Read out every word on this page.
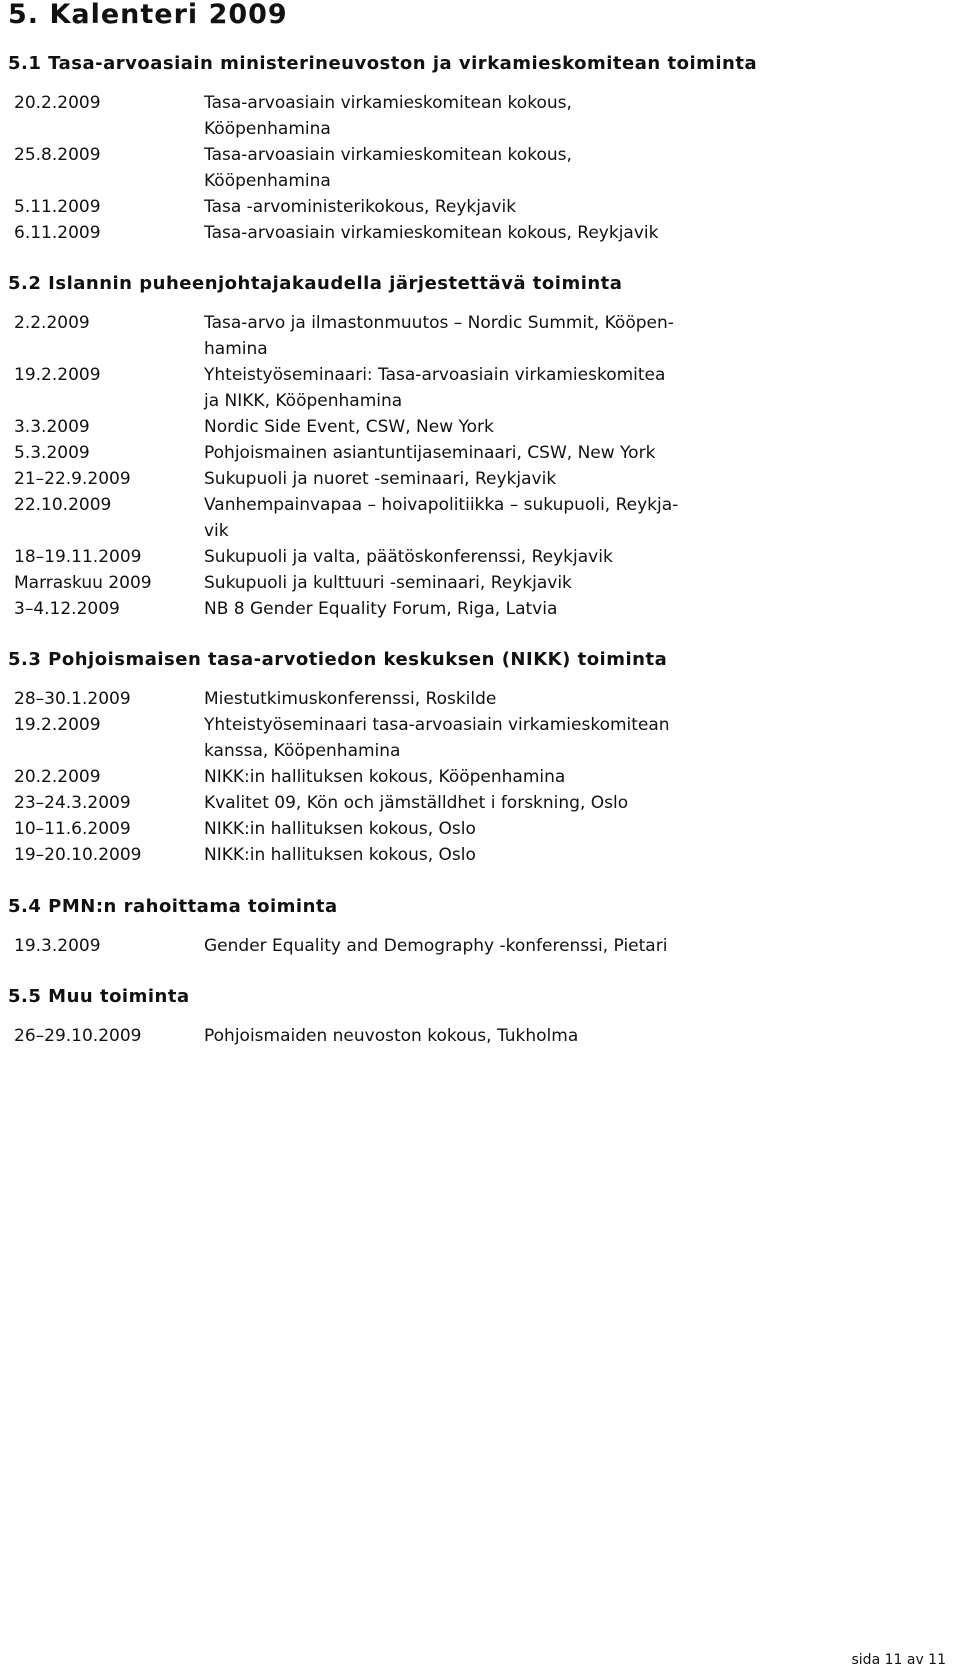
5. Kalenteri 2009
5.1 Tasa-arvoasiain ministerineuvoston ja virkamieskomitean toiminta
20.2.2009	Tasa-arvoasiain virkamieskomitean kokous,
Kööpenhamina
25.8.2009	Tasa-arvoasiain virkamieskomitean kokous,
Kööpenhamina
5.11.2009	Tasa -arvoministerikokous, Reykjavik
6.11.2009	Tasa-arvoasiain virkamieskomitean kokous, Reykjavik
5.2 Islannin puheenjohtajakaudella järjestettävä toiminta
2.2.2009	Tasa-arvo ja ilmastonmuutos – Nordic Summit, Kööpen-
hamina
19.2.2009	Yhteistyöseminaari: Tasa-arvoasiain virkamieskomitea
ja NIKK, Kööpenhamina
3.3.2009	Nordic Side Event, CSW, New York
5.3.2009	Pohjoismainen asiantuntijaseminaari, CSW, New York
21–22.9.2009	Sukupuoli ja nuoret -seminaari, Reykjavik
22.10.2009	Vanhempainvapaa – hoivapolitiikka – sukupuoli, Reykja-
vik
18–19.11.2009	Sukupuoli ja valta, päätöskonferenssi, Reykjavik
Marraskuu 2009	Sukupuoli ja kulttuuri -seminaari, Reykjavik
3–4.12.2009	NB 8 Gender Equality Forum, Riga, Latvia
5.3 Pohjoismaisen tasa-arvotiedon keskuksen (NIKK) toiminta
28–30.1.2009	Miestutkimuskonferenssi, Roskilde
19.2.2009	Yhteistyöseminaari tasa-arvoasiain virkamieskomitean
kanssa, Kööpenhamina
20.2.2009	NIKK:in hallituksen kokous, Kööpenhamina
23–24.3.2009	Kvalitet 09, Kön och jämställdhet i forskning, Oslo
10–11.6.2009	NIKK:in hallituksen kokous, Oslo
19–20.10.2009	NIKK:in hallituksen kokous, Oslo
5.4 PMN:n rahoittama toiminta
19.3.2009	Gender Equality and Demography -konferenssi, Pietari
5.5 Muu toiminta
26–29.10.2009	Pohjoismaiden neuvoston kokous, Tukholma
sida 11 av 11
